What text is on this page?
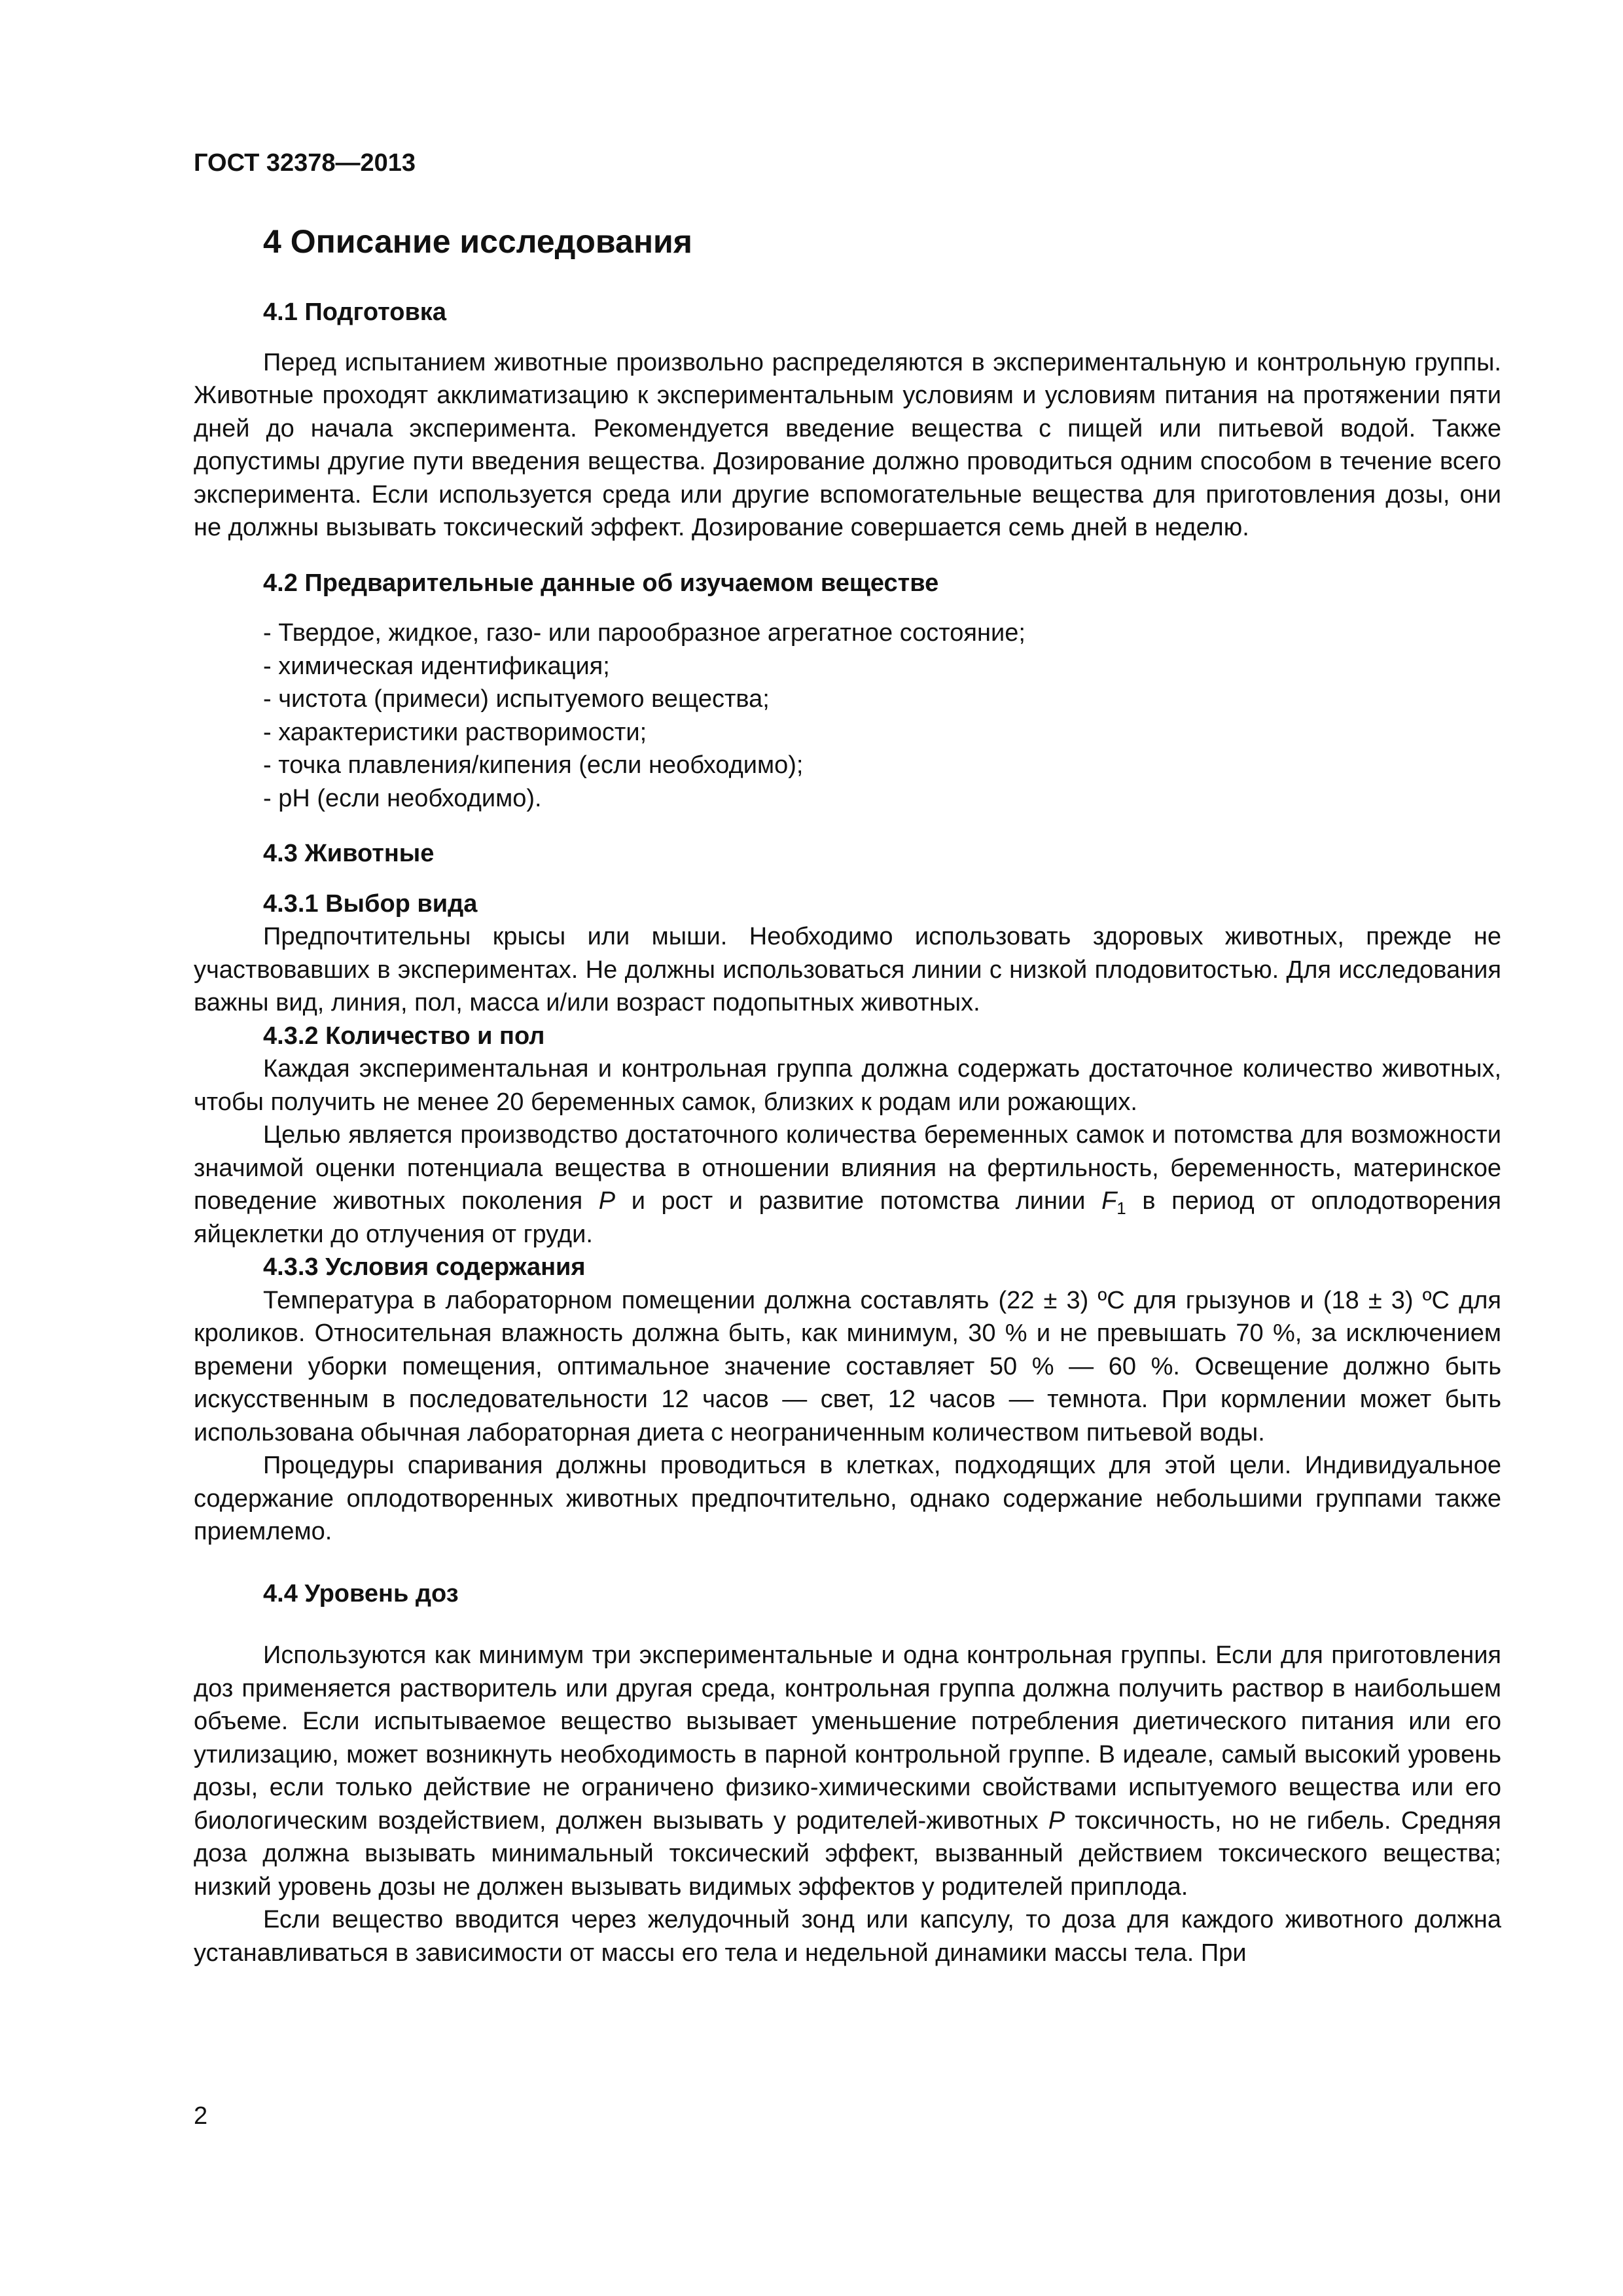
ГОСТ 32378—2013
4 Описание исследования

4.1 Подготовка

Перед испытанием животные произвольно распределяются в экспериментальную и контрольную группы. Животные проходят акклиматизацию к экспериментальным условиям и условиям питания на протяжении пяти дней до начала эксперимента. Рекомендуется введение вещества с пищей или питьевой водой. Также допустимы другие пути введения вещества. Дозирование должно проводиться одним способом в течение всего эксперимента. Если используется среда или другие вспомогательные вещества для приготовления дозы, они не должны вызывать токсический эффект. Дозирование совершается семь дней в неделю.

4.2 Предварительные данные об изучаемом веществе

- Твердое, жидкое, газо- или парообразное агрегатное состояние;
- химическая идентификация;
- чистота (примеси) испытуемого вещества;
- характеристики растворимости;
- точка плавления/кипения (если необходимо);
- pH (если необходимо).

4.3 Животные

4.3.1 Выбор вида

Предпочтительны крысы или мыши. Необходимо использовать здоровых животных, прежде не участвовавших в экспериментах. Не должны использоваться линии с низкой плодовитостью. Для исследования важны вид, линия, пол, масса и/или возраст подопытных животных.

4.3.2 Количество и пол

Каждая экспериментальная и контрольная группа должна содержать достаточное количество животных, чтобы получить не менее 20 беременных самок, близких к родам или рожающих.

Целью является производство достаточного количества беременных самок и потомства для возможности значимой оценки потенциала вещества в отношении влияния на фертильность, беременность, материнское поведение животных поколения P и рост и развитие потомства линии $F_1$ в период от оплодотворения яйцеклетки до отлучения от груди.

4.3.3 Условия содержания

Температура в лабораторном помещении должна составлять (22 ± 3) ºC для грызунов и (18 ± 3) ºC для кроликов. Относительная влажность должна быть, как минимум, 30 % и не превышать 70 %, за исключением времени уборки помещения, оптимальное значение составляет 50 % — 60 %. Освещение должно быть искусственным в последовательности 12 часов — свет, 12 часов — темнота. При кормлении может быть использована обычная лабораторная диета с неограниченным количеством питьевой воды.

Процедуры спаривания должны проводиться в клетках, подходящих для этой цели. Индивидуальное содержание оплодотворенных животных предпочтительно, однако содержание небольшими группами также приемлемо.

4.4 Уровень доз

Используются как минимум три экспериментальные и одна контрольная группы. Если для приготовления доз применяется растворитель или другая среда, контрольная группа должна получить раствор в наибольшем объеме. Если испытываемое вещество вызывает уменьшение потребления диетического питания или его утилизацию, может возникнуть необходимость в парной контрольной группе. В идеале, самый высокий уровень дозы, если только действие не ограничено физико-химическими свойствами испытуемого вещества или его биологическим воздействием, должен вызывать у родителей-животных P токсичность, но не гибель. Средняя доза должна вызывать минимальный токсический эффект, вызванный действием токсического вещества; низкий уровень дозы не должен вызывать видимых эффектов у родителей приплода.

Если вещество вводится через желудочный зонд или капсулу, то доза для каждого животного должна устанавливаться в зависимости от массы его тела и недельной динамики массы тела. При

2
